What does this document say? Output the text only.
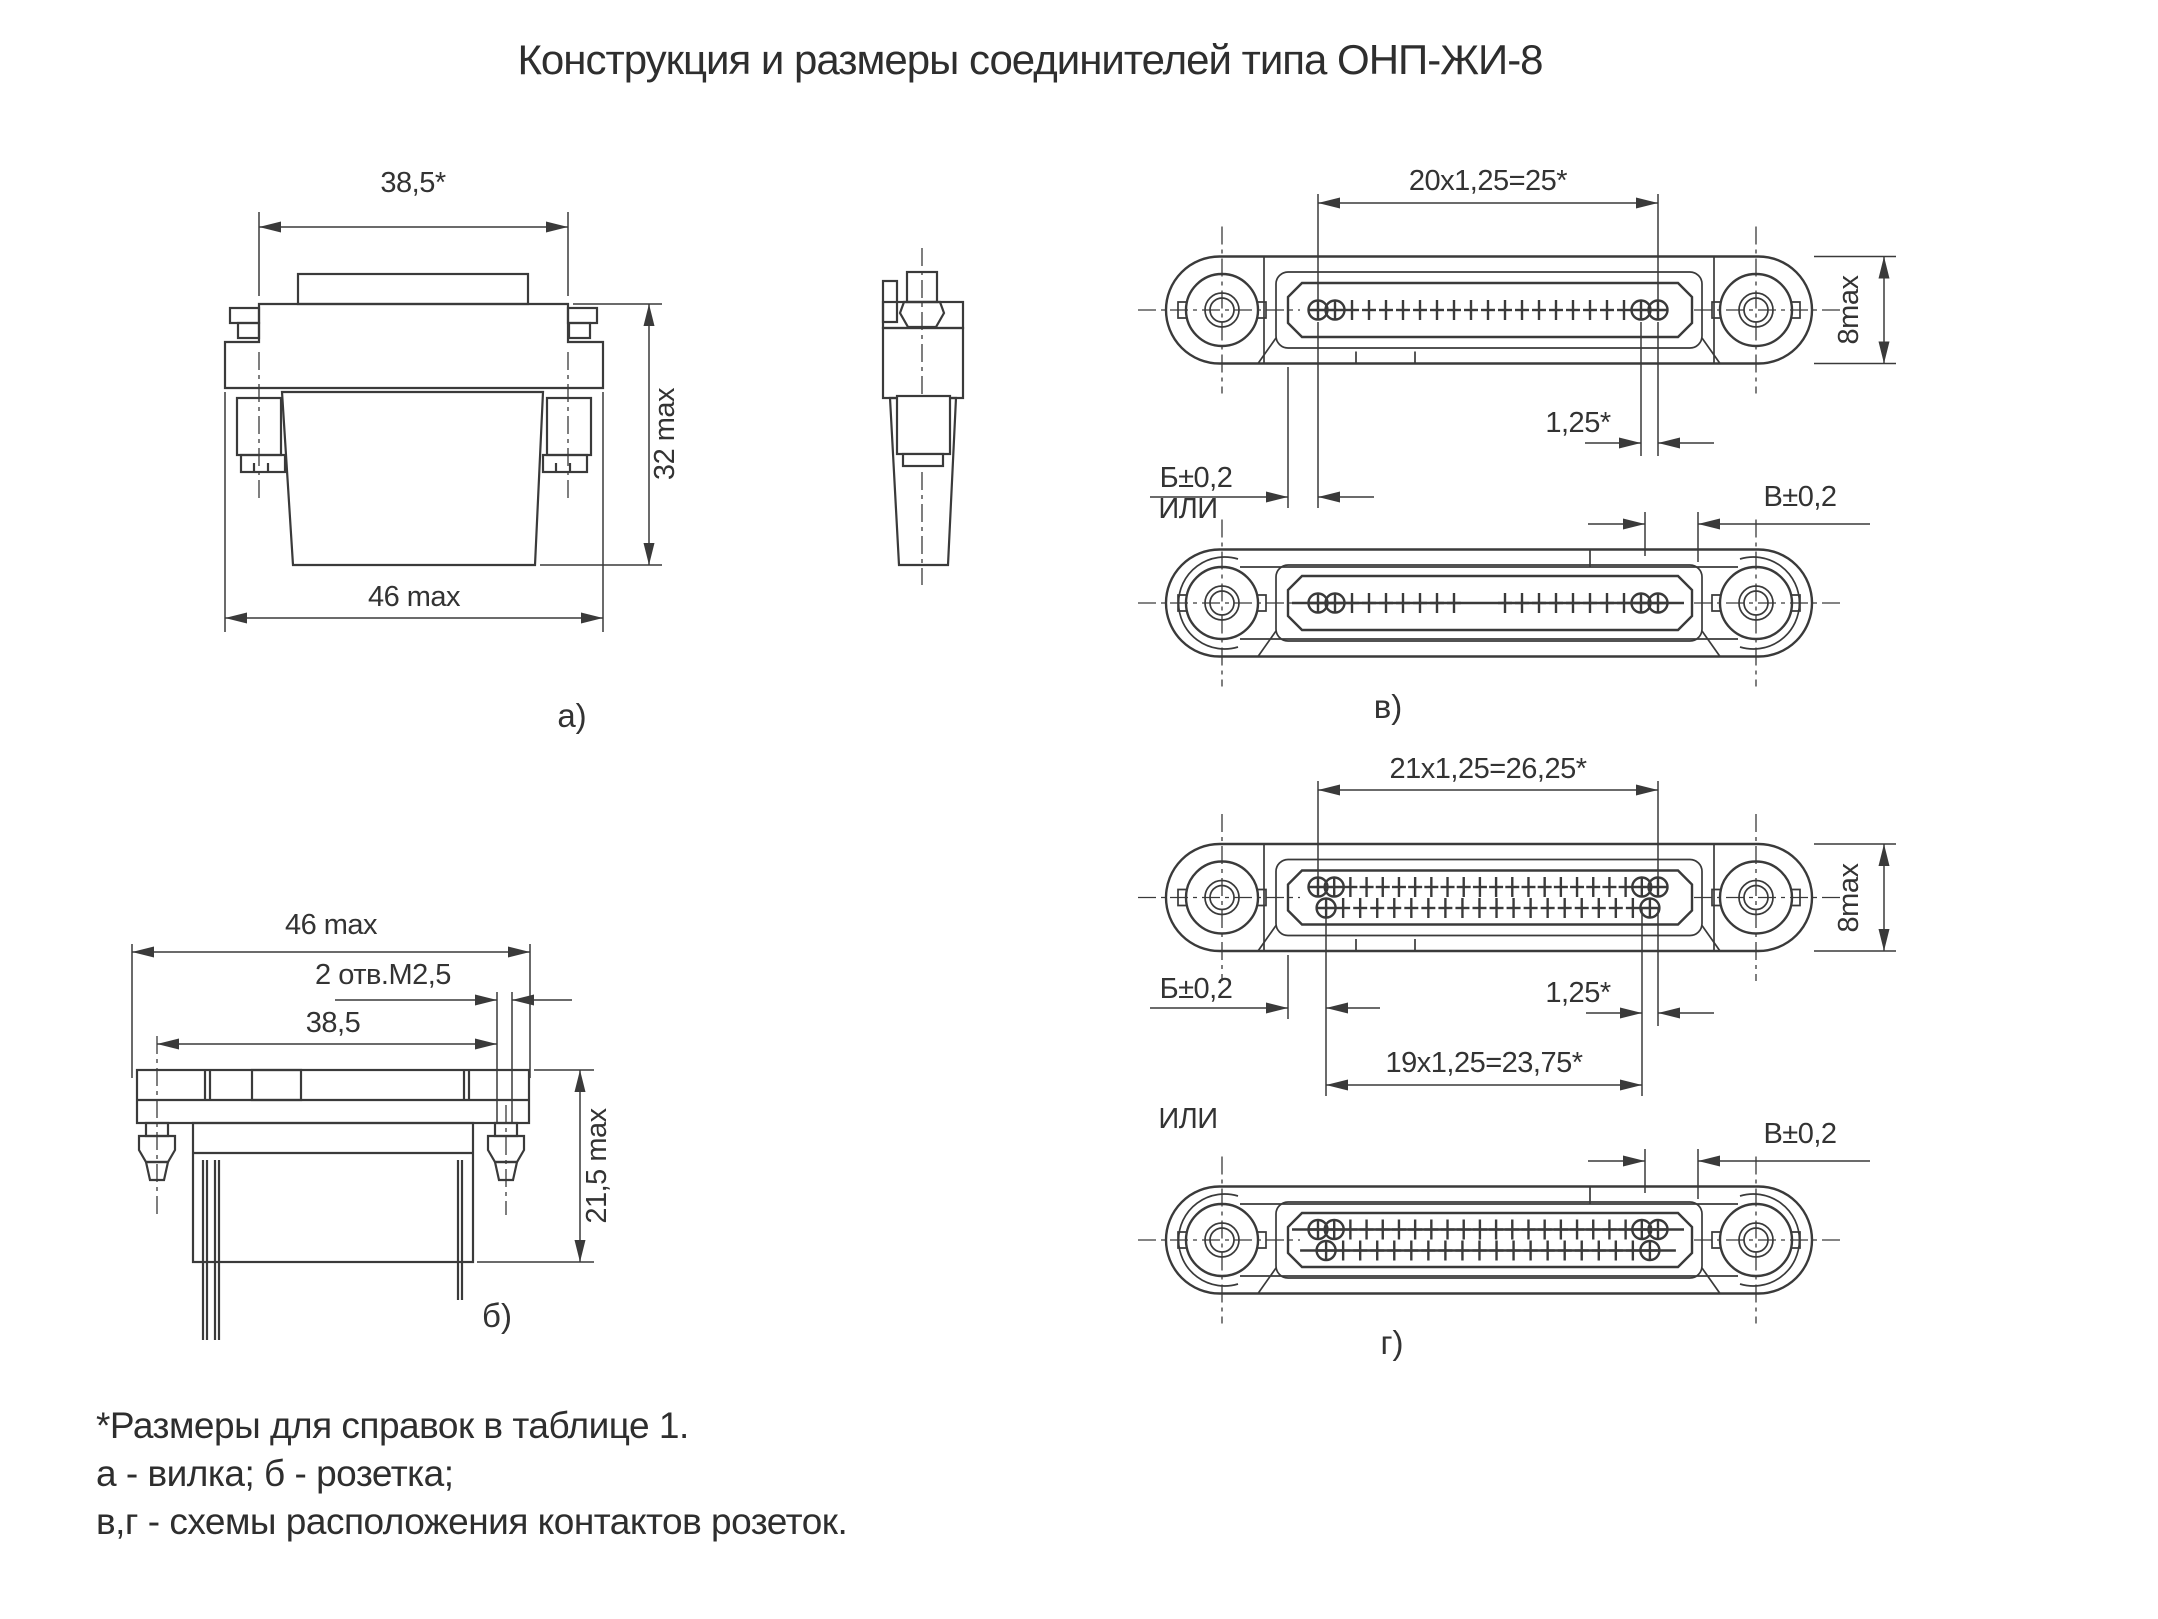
Конструкция и размеры соединителей типа ОНП-ЖИ-8
38,5*
32 max
46 max
а)
46 max
2 отв.М2,5
38,5
21,5 max
б)
20x1,25=25*
8max
Б±0,2
1,25*
ИЛИ	В±0,2
в)
21x1,25=26,25*
8max
Б±0,2	1,25*
19x1,25=23,75*
ИЛИ	В±0,2
г)
*Размеры для справок в таблице 1.
а - вилка; б - розетка;
в,г - схемы расположения контактов розеток.
